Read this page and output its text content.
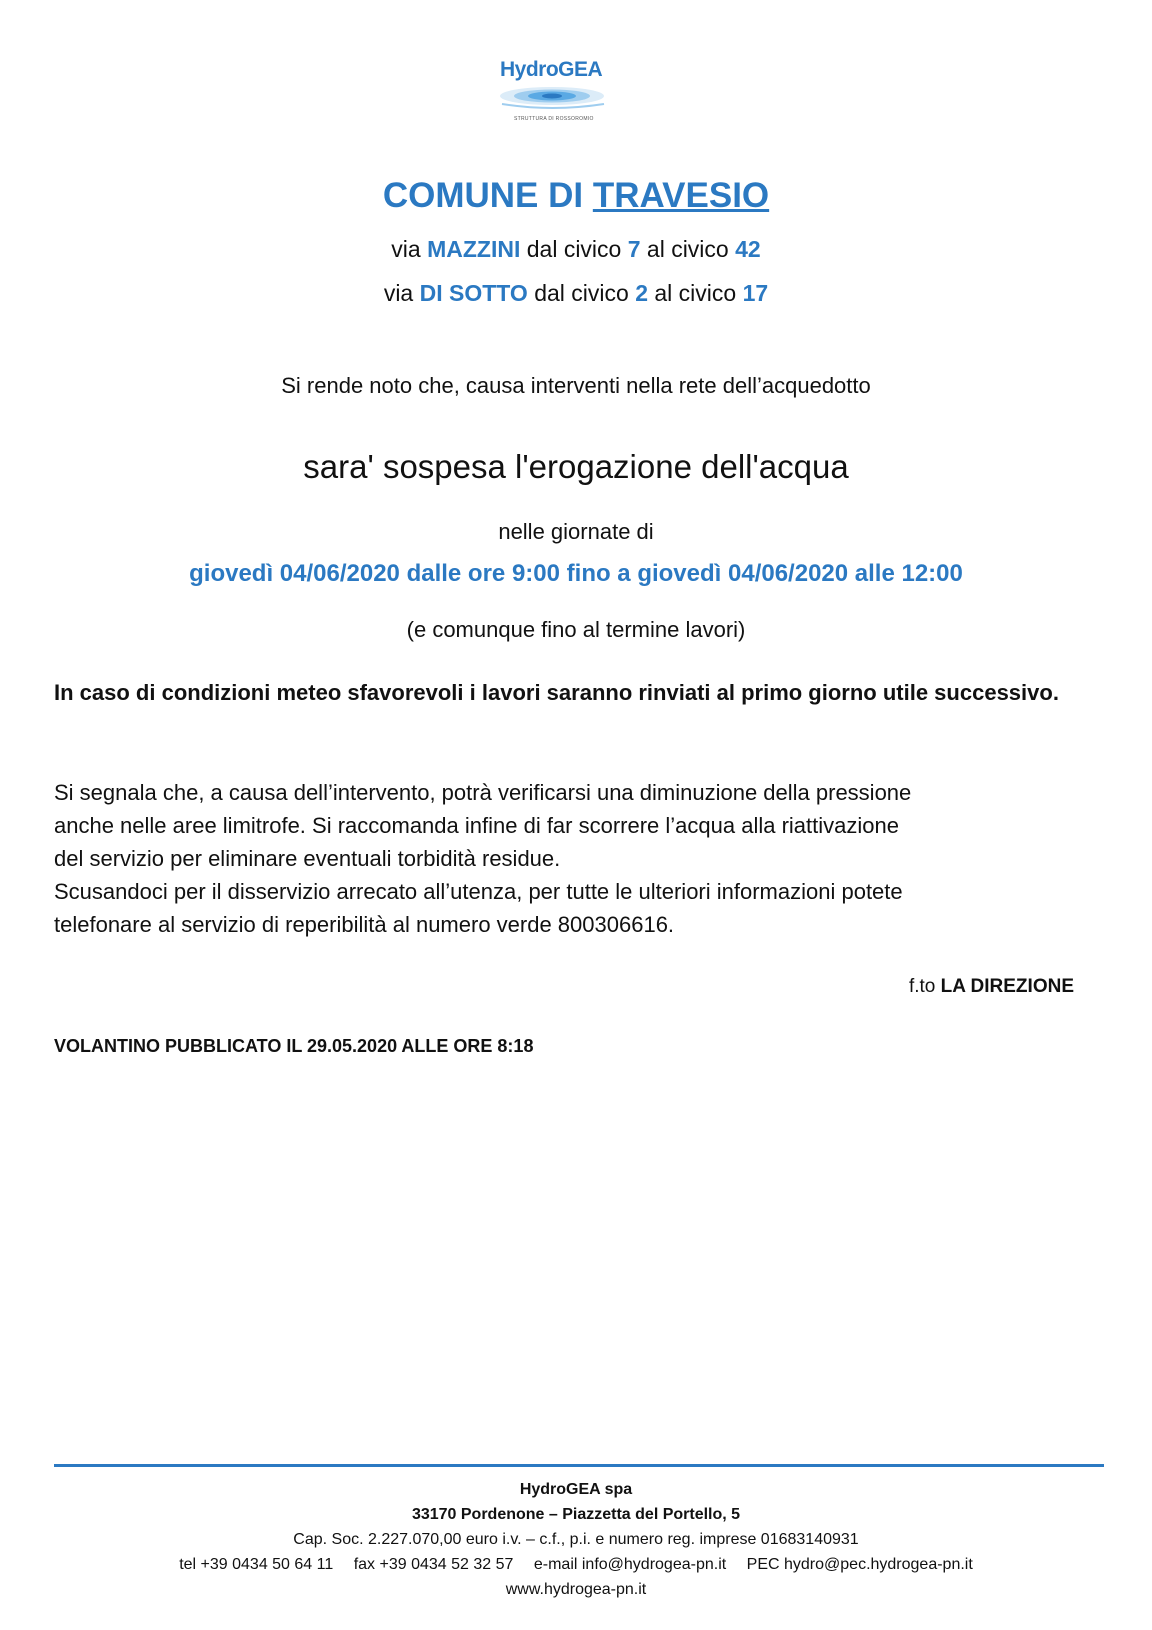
HydroGEA
STRUTTURA DI ROSSOROMIO
COMUNE DI TRAVESIO
via MAZZINI dal civico 7 al civico 42
via DI SOTTO dal civico 2 al civico 17
Si rende noto che, causa interventi nella rete dell’acquedotto
sara' sospesa l'erogazione dell'acqua
nelle giornate di
giovedì 04/06/2020 dalle ore 9:00 fino a giovedì 04/06/2020 alle 12:00
(e comunque fino al termine lavori)
In caso di condizioni meteo sfavorevoli i lavori saranno rinviati al primo giorno utile successivo.
Si segnala che, a causa dell’intervento, potrà verificarsi una diminuzione della pressione
anche nelle aree limitrofe. Si raccomanda infine di far scorrere l’acqua alla riattivazione
del servizio per eliminare eventuali torbidità residue.
Scusandoci per il disservizio arrecato all’utenza, per tutte le ulteriori informazioni potete
telefonare al servizio di reperibilità al numero verde 800306616.
f.to LA DIREZIONE
VOLANTINO PUBBLICATO IL 29.05.2020 ALLE ORE 8:18
HydroGEA spa
33170 Pordenone – Piazzetta del Portello, 5
Cap. Soc. 2.227.070,00 euro i.v. – c.f., p.i. e numero reg. imprese 01683140931
tel +39 0434 50 64 11 fax +39 0434 52 32 57 e-mail info@hydrogea-pn.it PEC hydro@pec.hydrogea-pn.it
www.hydrogea-pn.it
